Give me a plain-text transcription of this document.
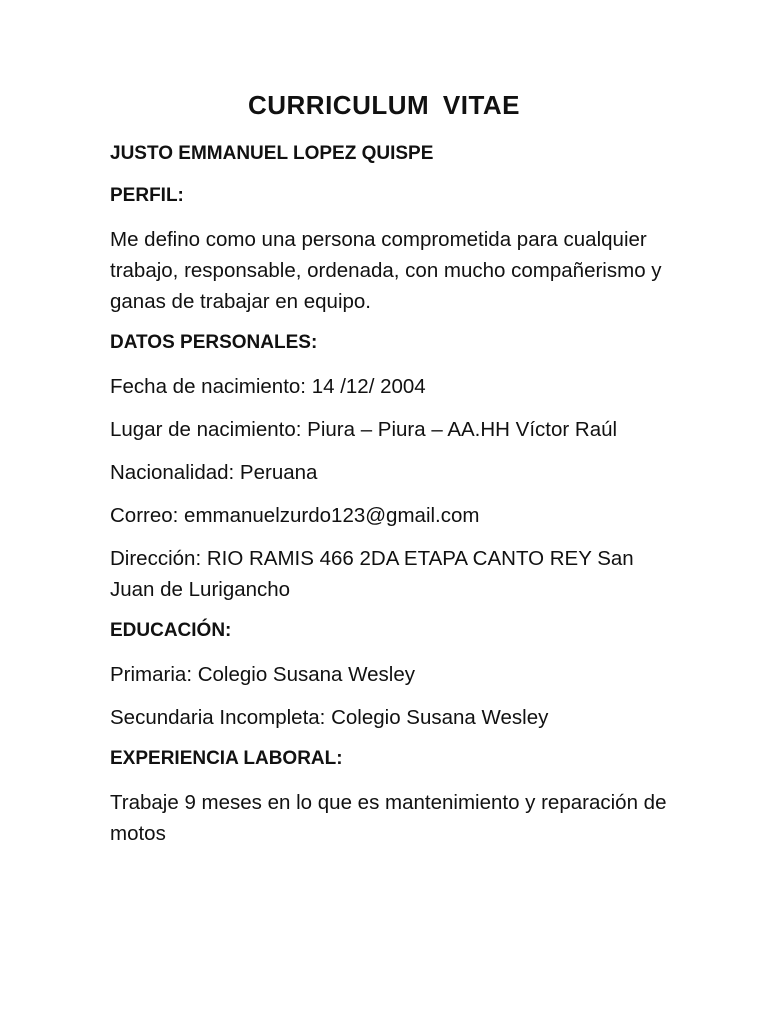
CURRICULUM VITAE
JUSTO EMMANUEL LOPEZ QUISPE
PERFIL:
Me defino como una persona comprometida para cualquier trabajo, responsable, ordenada, con mucho compañerismo y ganas de trabajar en equipo.
DATOS PERSONALES:
Fecha de nacimiento: 14 /12/ 2004
Lugar de nacimiento: Piura – Piura – AA.HH Víctor Raúl
Nacionalidad: Peruana
Correo: emmanuelzurdo123@gmail.com
Dirección: RIO RAMIS 466 2DA ETAPA CANTO REY San Juan de Lurigancho
EDUCACIÓN:
Primaria: Colegio Susana Wesley
Secundaria Incompleta: Colegio Susana Wesley
EXPERIENCIA LABORAL:
Trabaje 9 meses en lo que es mantenimiento y reparación de motos
